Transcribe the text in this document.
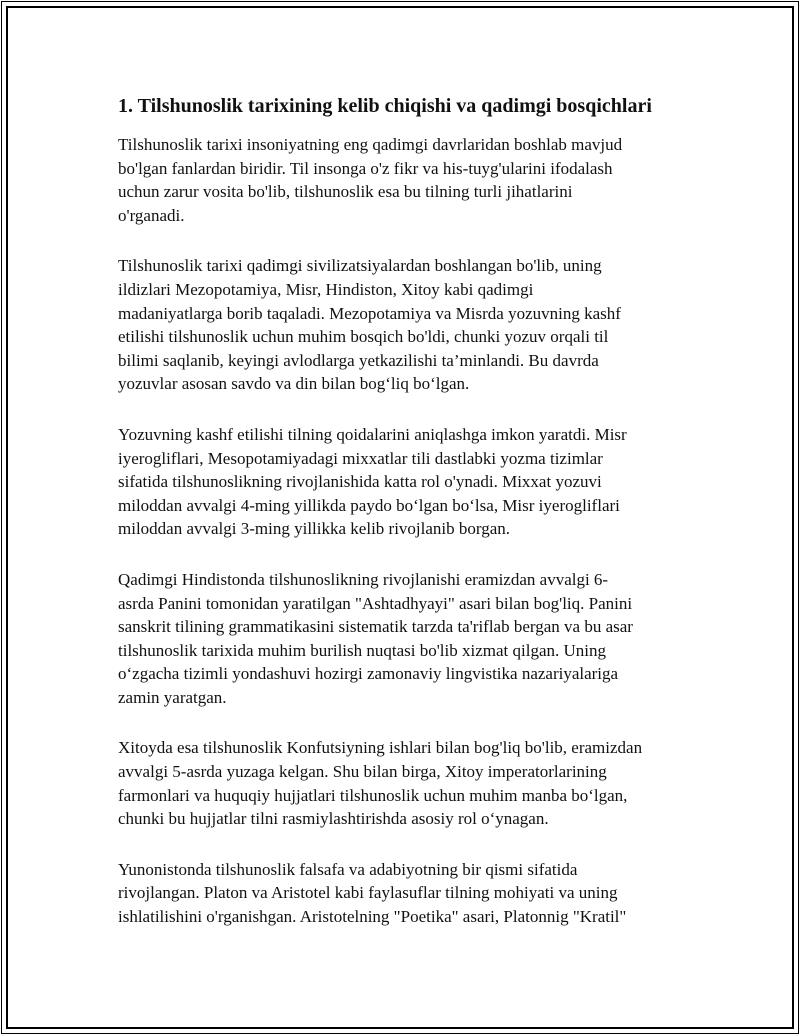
1. Tilshunoslik tarixining kelib chiqishi va qadimgi bosqichlari

Tilshunoslik tarixi insoniyatning eng qadimgi davrlaridan boshlab mavjud
bo'lgan fanlardan biridir. Til insonga o'z fikr va his-tuyg'ularini ifodalash
uchun zarur vosita bo'lib, tilshunoslik esa bu tilning turli jihatlarini
o'rganadi.

Tilshunoslik tarixi qadimgi sivilizatsiyalardan boshlangan bo'lib, uning
ildizlari Mezopotamiya, Misr, Hindiston, Xitoy kabi qadimgi
madaniyatlarga borib taqaladi. Mezopotamiya va Misrda yozuvning kashf
etilishi tilshunoslik uchun muhim bosqich bo'ldi, chunki yozuv orqali til
bilimi saqlanib, keyingi avlodlarga yetkazilishi ta’minlandi. Bu davrda
yozuvlar asosan savdo va din bilan bog‘liq bo‘lgan.

Yozuvning kashf etilishi tilning qoidalarini aniqlashga imkon yaratdi. Misr
iyerogliflari, Mesopotamiyadagi mixxatlar tili dastlabki yozma tizimlar
sifatida tilshunoslikning rivojlanishida katta rol o'ynadi. Mixxat yozuvi
miloddan avvalgi 4-ming yillikda paydo bo‘lgan bo‘lsa, Misr iyerogliflari
miloddan avvalgi 3-ming yillikka kelib rivojlanib borgan.

Qadimgi Hindistonda tilshunoslikning rivojlanishi eramizdan avvalgi 6-
asrda Panini tomonidan yaratilgan "Ashtadhyayi" asari bilan bog'liq. Panini
sanskrit tilining grammatikasini sistematik tarzda ta'riflab bergan va bu asar
tilshunoslik tarixida muhim burilish nuqtasi bo'lib xizmat qilgan. Uning
o‘zgacha tizimli yondashuvi hozirgi zamonaviy lingvistika nazariyalariga
zamin yaratgan.

Xitoyda esa tilshunoslik Konfutsiyning ishlari bilan bog'liq bo'lib, eramizdan
avvalgi 5-asrda yuzaga kelgan. Shu bilan birga, Xitoy imperatorlarining
farmonlari va huquqiy hujjatlari tilshunoslik uchun muhim manba bo‘lgan,
chunki bu hujjatlar tilni rasmiylashtirishda asosiy rol o‘ynagan.

Yunonistonda tilshunoslik falsafa va adabiyotning bir qismi sifatida
rivojlangan. Platon va Aristotel kabi faylasuflar tilning mohiyati va uning
ishlatilishini o'rganishgan. Aristotelning "Poetika" asari, Platonnig "Kratil"
